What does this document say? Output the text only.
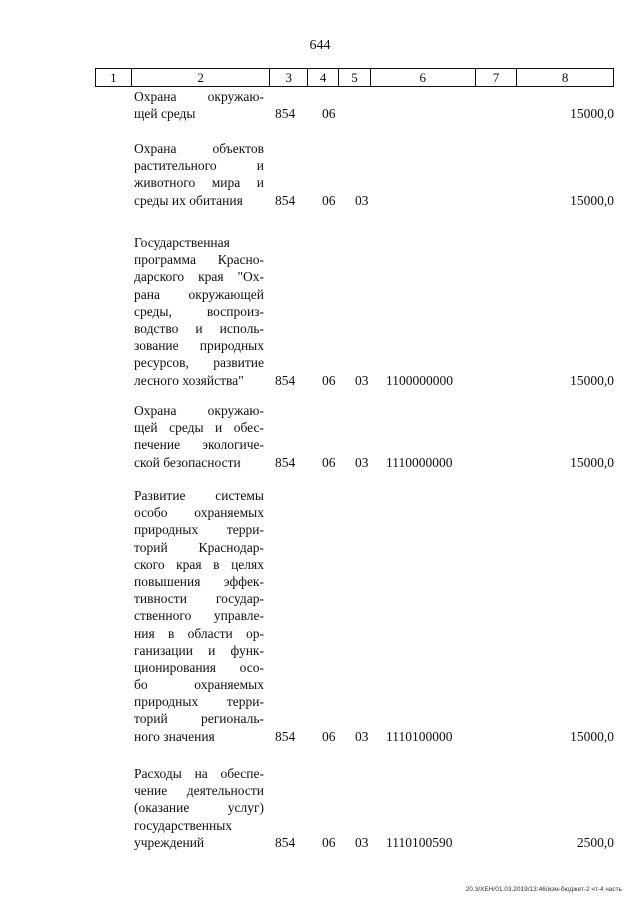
644
1	2	3	4	5	6	7	8
Охрана окружаю-
щей среды	854 06	15000,0
Охрана объектов
растительного и
животного мира и
среды их обитания	854 06 03	15000,0
Государственная
программа Красно-
дарского края "Ох-
рана окружающей
среды, воспроиз-
водство и исполь-
зование природных
ресурсов, развитие
лесного хозяйства"	854 06 03 1100000000	15000,0
Охрана окружаю-
щей среды и обес-
печение экологиче-
ской безопасности	854 06 03 1110000000	15000,0
Развитие системы
особо охраняемых
природных терри-
торий Краснодар-
ского края в целях
повышения эффек-
тивности государ-
ственного управле-
ния в области ор-
ганизации и функ-
ционирования осо-
бо охраняемых
природных терри-
торий региональ-
ного значения	854 06 03 1110100000	15000,0
Расходы на обеспе-
чение деятельности
(оказание услуг)
государственных
учреждений	854 06 03 1110100590	2500,0
20.3/ХЕН/01.03.2019/13:46/изм-бюджет-2 чт-4 часть
